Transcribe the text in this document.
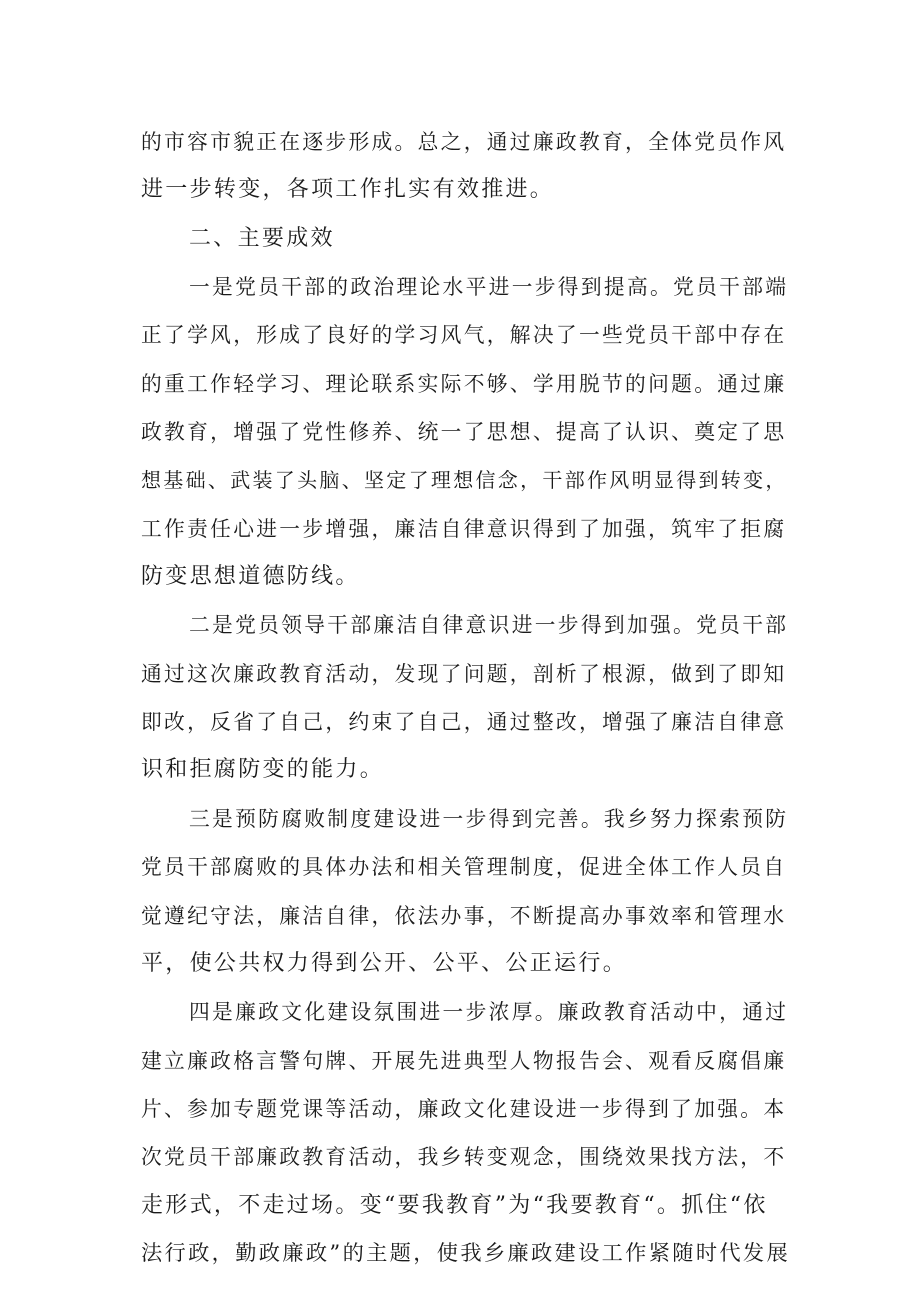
的市容市貌正在逐步形成。总之，通过廉政教育，全体党员作风
进一步转变，各项工作扎实有效推进。
二、主要成效
一是党员干部的政治理论水平进一步得到提高。党员干部端
正了学风，形成了良好的学习风气，解决了一些党员干部中存在
的重工作轻学习、理论联系实际不够、学用脱节的问题。通过廉
政教育，增强了党性修养、统一了思想、提高了认识、奠定了思
想基础、武装了头脑、坚定了理想信念，干部作风明显得到转变，
工作责任心进一步增强，廉洁自律意识得到了加强，筑牢了拒腐
防变思想道德防线。
二是党员领导干部廉洁自律意识进一步得到加强。党员干部
通过这次廉政教育活动，发现了问题，剖析了根源，做到了即知
即改，反省了自己，约束了自己，通过整改，增强了廉洁自律意
识和拒腐防变的能力。
三是预防腐败制度建设进一步得到完善。我乡努力探索预防
党员干部腐败的具体办法和相关管理制度，促进全体工作人员自
觉遵纪守法，廉洁自律，依法办事，不断提高办事效率和管理水
平，使公共权力得到公开、公平、公正运行。
四是廉政文化建设氛围进一步浓厚。廉政教育活动中，通过
建立廉政格言警句牌、开展先进典型人物报告会、观看反腐倡廉
片、参加专题党课等活动，廉政文化建设进一步得到了加强。本
次党员干部廉政教育活动，我乡转变观念，围绕效果找方法，不
走形式，不走过场。变“要我教育”为“我要教育“。抓住“依
法行政，勤政廉政”的主题，使我乡廉政建设工作紧随时代发展
